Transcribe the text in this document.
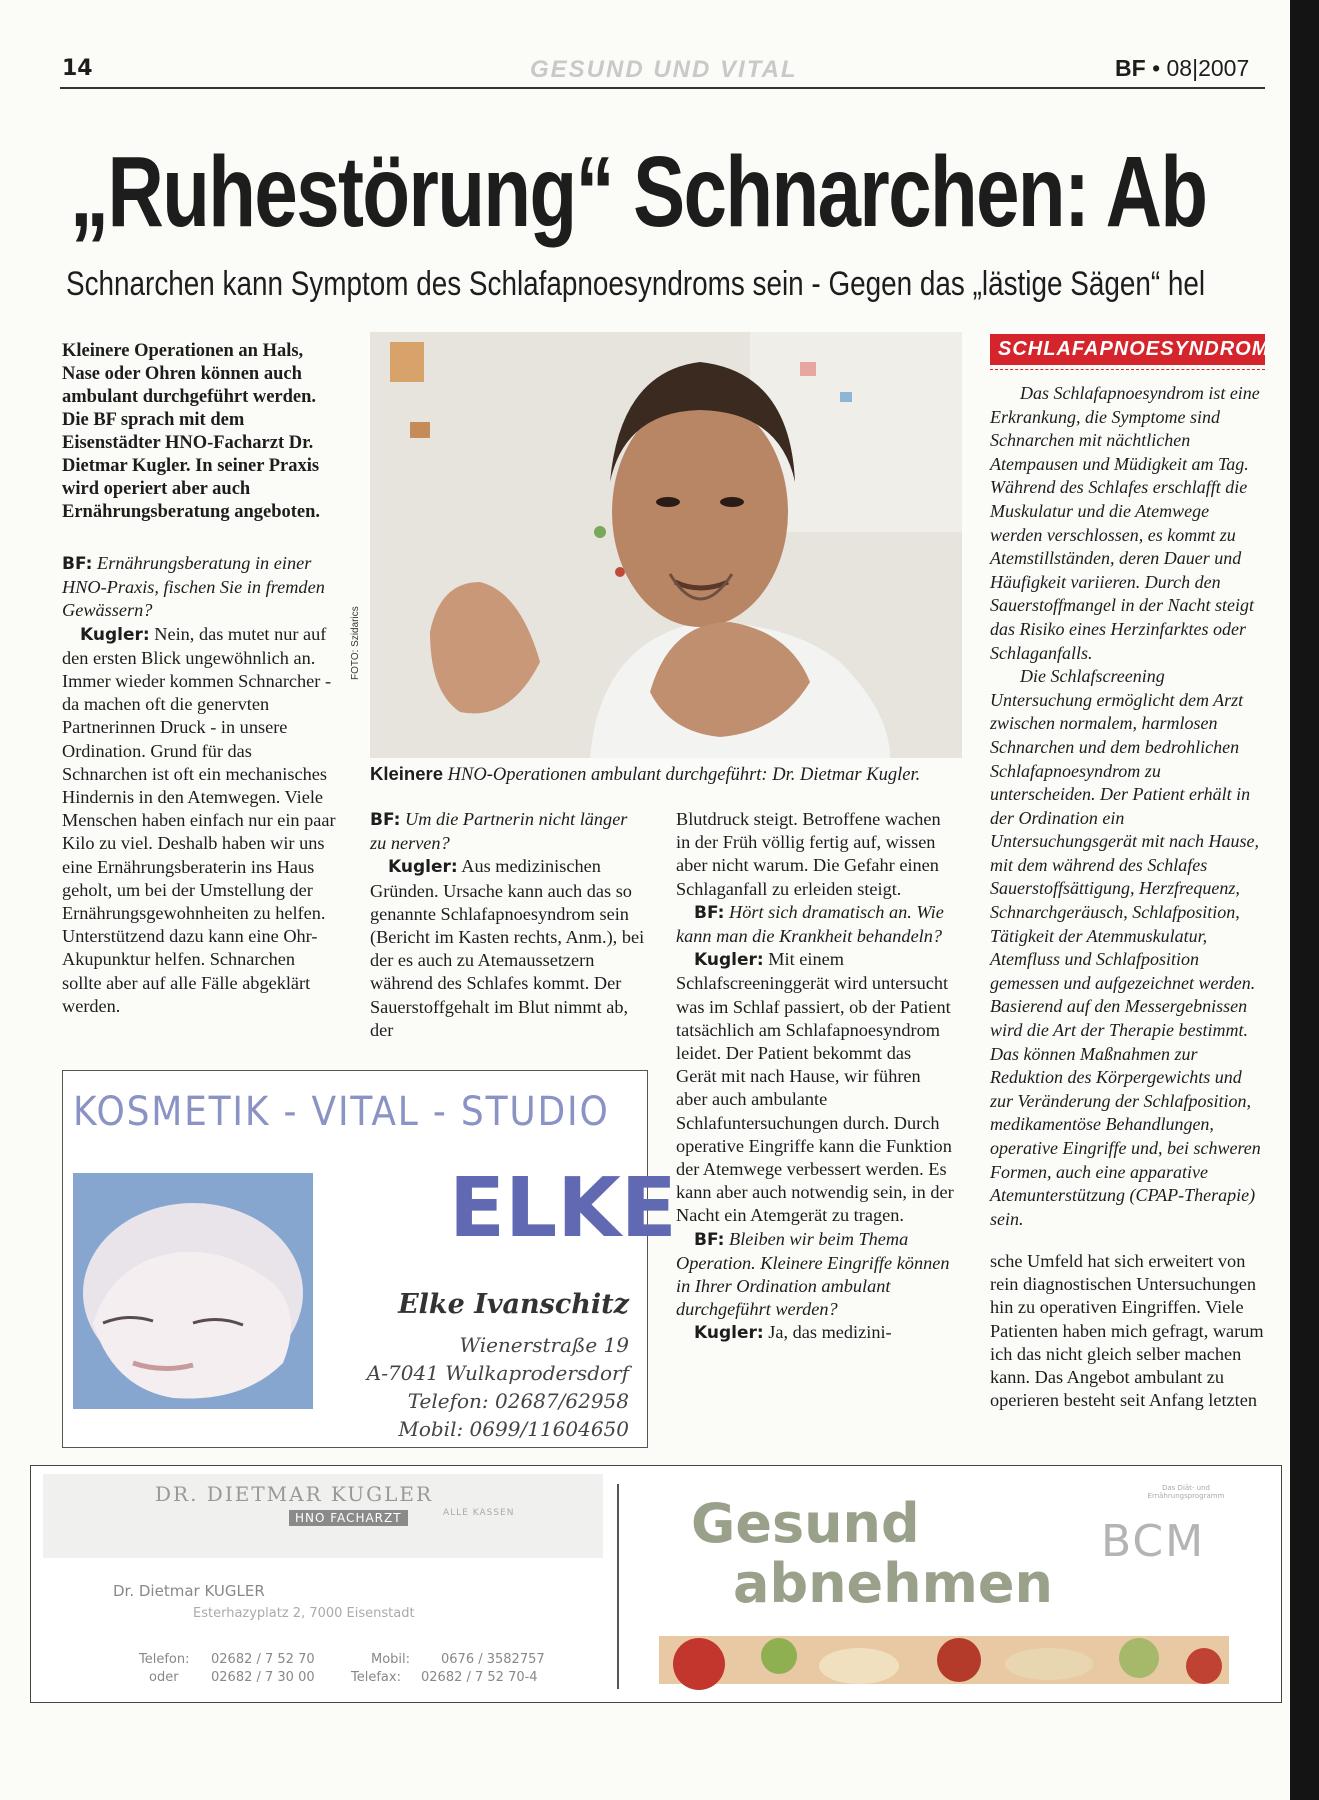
14	GESUND UND VITAL	BF • 08|2007
„Ruhestörung“ Schnarchen: Ab
Schnarchen kann Symptom des Schlafapnoesyndroms sein - Gegen das „lästige Sägen“ hel
Kleinere Operationen an Hals, Nase oder Ohren können auch ambulant durchgeführt werden. Die BF sprach mit dem Eisenstädter HNO-Facharzt Dr. Dietmar Kugler. In seiner Praxis wird operiert aber auch Ernährungsberatung angeboten.

BF: Ernährungsberatung in einer HNO-Praxis, fischen Sie in fremden Gewässern?

Kugler: Nein, das mutet nur auf den ersten Blick ungewöhnlich an. Immer wieder kommen Schnarcher - da machen oft die genervten Partnerinnen Druck - in unsere Ordination. Grund für das Schnarchen ist oft ein mechanisches Hindernis in den Atemwegen. Viele Menschen haben einfach nur ein paar Kilo zu viel. Deshalb haben wir uns eine Ernährungsberaterin ins Haus geholt, um bei der Umstellung der Ernährungsgewohnheiten zu helfen. Unterstützend dazu kann eine Ohr-Akupunktur helfen. Schnarchen sollte aber auf alle Fälle abgeklärt werden.

FOTO: Szidarics
Kleinere HNO-Operationen ambulant durchgeführt: Dr. Dietmar Kugler.

BF: Um die Partnerin nicht länger zu nerven?

Kugler: Aus medizinischen Gründen. Ursache kann auch das so genannte Schlafapnoesyndrom sein (Bericht im Kasten rechts, Anm.), bei der es auch zu Atemaussetzern während des Schlafes kommt. Der Sauerstoffgehalt im Blut nimmt ab, der

Blutdruck steigt. Betroffene wachen in der Früh völlig fertig auf, wissen aber nicht warum. Die Gefahr einen Schlaganfall zu erleiden steigt.

BF: Hört sich dramatisch an. Wie kann man die Krankheit behandeln?

Kugler: Mit einem Schlafscreeninggerät wird untersucht was im Schlaf passiert, ob der Patient tatsächlich am Schlafapnoesyndrom leidet. Der Patient bekommt das Gerät mit nach Hause, wir führen aber auch ambulante Schlafuntersuchungen durch. Durch operative Eingriffe kann die Funktion der Atemwege verbessert werden. Es kann aber auch notwendig sein, in der Nacht ein Atemgerät zu tragen.

BF: Bleiben wir beim Thema Operation. Kleinere Eingriffe können in Ihrer Ordination ambulant durchgeführt werden?

Kugler: Ja, das medizini-

SCHLAFAPNOESYNDROM

Das Schlafapnoesyndrom ist eine Erkrankung, die Symptome sind Schnarchen mit nächtlichen Atempausen und Müdigkeit am Tag. Während des Schlafes erschlafft die Muskulatur und die Atemwege werden verschlossen, es kommt zu Atemstillständen, deren Dauer und Häufigkeit variieren. Durch den Sauerstoffmangel in der Nacht steigt das Risiko eines Herzinfarktes oder Schlaganfalls.

Die Schlafscreening Untersuchung ermöglicht dem Arzt zwischen normalem, harmlosen Schnarchen und dem bedrohlichen Schlafapnoesyndrom zu unterscheiden. Der Patient erhält in der Ordination ein Untersuchungsgerät mit nach Hause, mit dem während des Schlafes Sauerstoffsättigung, Herzfrequenz, Schnarchgeräusch, Schlafposition, Tätigkeit der Atemmuskulatur, Atemfluss und Schlafposition gemessen und aufgezeichnet werden. Basierend auf den Messergebnissen wird die Art der Therapie bestimmt. Das können Maßnahmen zur Reduktion des Körpergewichts und zur Veränderung der Schlafposition, medikamentöse Behandlungen, operative Eingriffe und, bei schweren Formen, auch eine apparative Atemunterstützung (CPAP-Therapie) sein.

sche Umfeld hat sich erweitert von rein diagnostischen Untersuchungen hin zu operativen Eingriffen. Viele Patienten haben mich gefragt, warum ich das nicht gleich selber machen kann. Das Angebot ambulant zu operieren besteht seit Anfang letzten

KOSMETIK - VITAL - STUDIO
ELKE
Elke Ivanschitz
Wienerstraße 19
A-7041 Wulkaprodersdorf
Telefon: 02687/62958
Mobil: 0699/11604650
DR. DIETMAR KUGLER
HNO FACHARZT	ALLE KASSEN
Dr. Dietmar KUGLER
Esterhazyplatz 2, 7000 Eisenstadt
Telefon: 02682 / 7 52 70
oder 02682 / 7 30 00
Mobil: 0676 / 3582757
Telefax: 02682 / 7 52 70-4
Gesund
abnehmen
Das Diät- und Ernährungsprogramm
BCM
